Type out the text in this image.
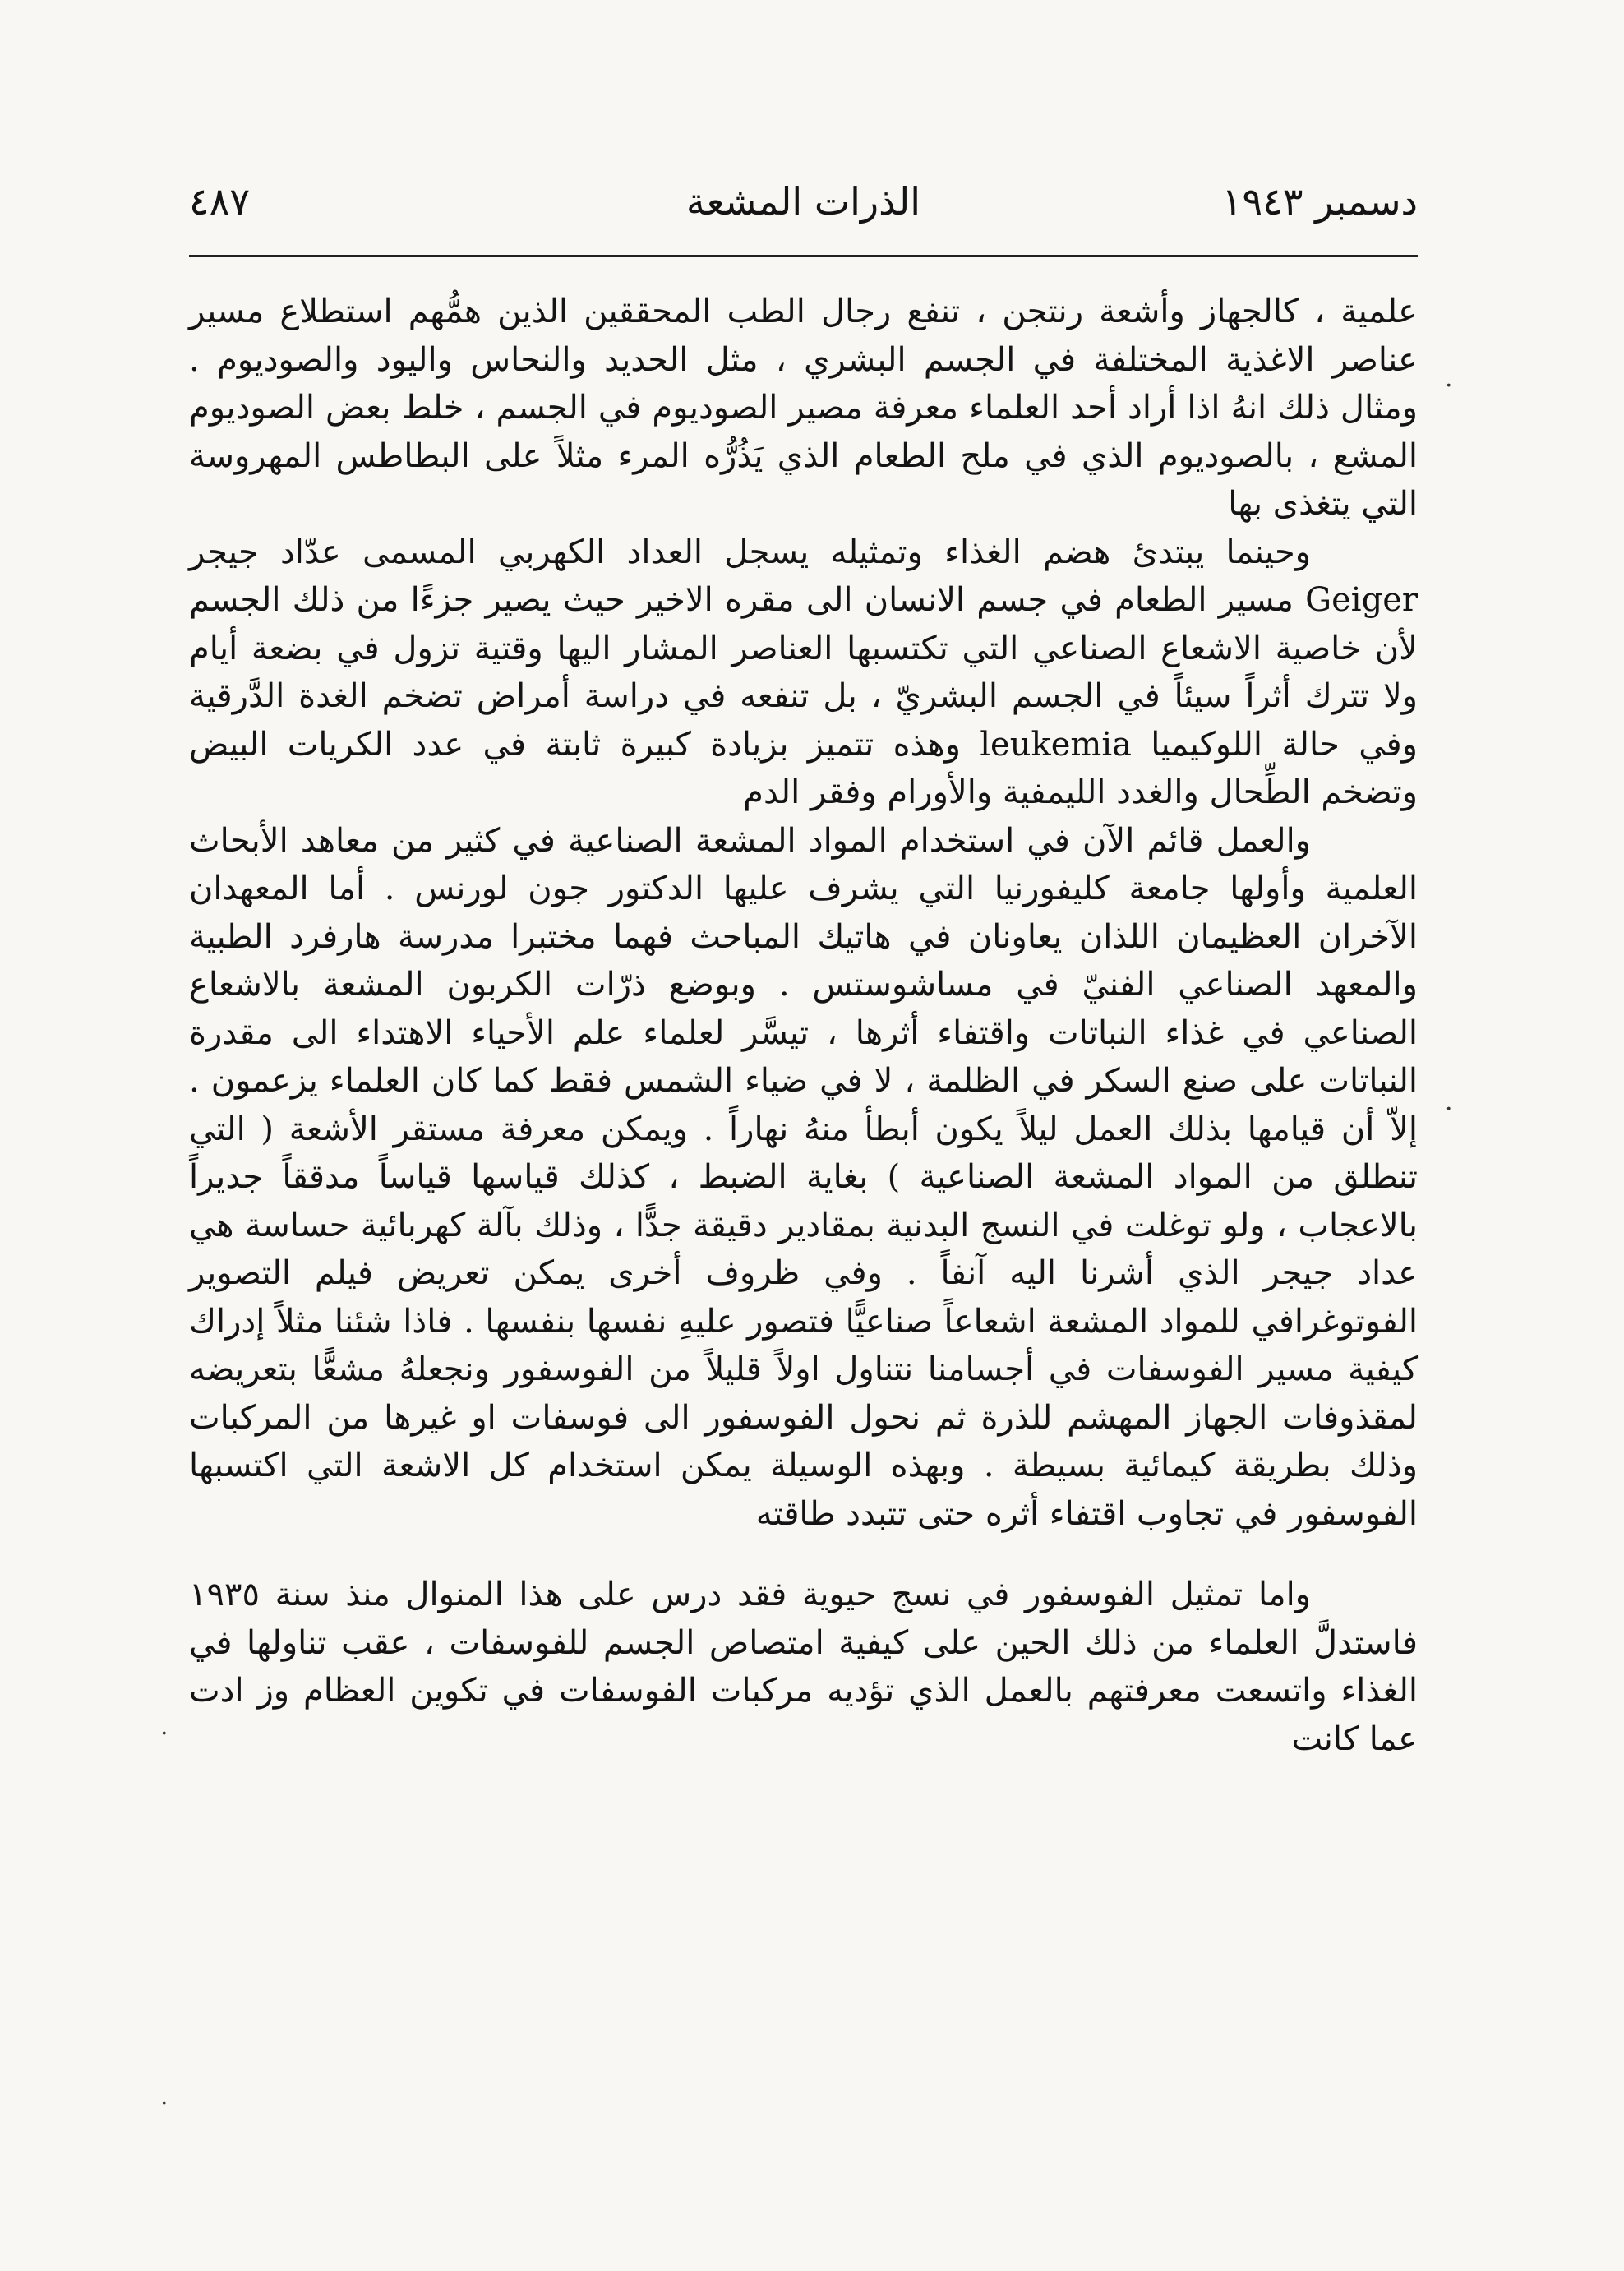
دسمبر ١٩٤٣
الذرات المشعة
٤٨٧

علمية ، كالجهاز وأشعة رنتجن ، تنفع رجال الطب المحققين الذين همُّهم استطلاع مسير عناصر الاغذية المختلفة في الجسم البشري ، مثل الحديد والنحاس واليود والصوديوم . ومثال ذلك انهُ اذا أراد أحد العلماء معرفة مصير الصوديوم في الجسم ، خلط بعض الصوديوم المشع ، بالصوديوم الذي في ملح الطعام الذي يَذُرُّه المرء مثلاً على البطاطس المهروسة التي يتغذى بها

وحينما يبتدئ هضم الغذاء وتمثيله يسجل العداد الكهربي المسمى عدّاد جيجر Geiger مسير الطعام في جسم الانسان الى مقره الاخير حيث يصير جزءًا من ذلك الجسم لأن خاصية الاشعاع الصناعي التي تكتسبها العناصر المشار اليها وقتية تزول في بضعة أيام ولا تترك أثراً سيئاً في الجسم البشريّ ، بل تنفعه في دراسة أمراض تضخم الغدة الدَّرقية وفي حالة اللوكيميا leukemia وهذه تتميز بزيادة كبيرة ثابتة في عدد الكريات البيض وتضخم الطِّحال والغدد الليمفية والأورام وفقر الدم

والعمل قائم الآن في استخدام المواد المشعة الصناعية في كثير من معاهد الأبحاث العلمية وأولها جامعة كليفورنيا التي يشرف عليها الدكتور جون لورنس . أما المعهدان الآخران العظيمان اللذان يعاونان في هاتيك المباحث فهما مختبرا مدرسة هارفرد الطبية والمعهد الصناعي الفنيّ في مساشوستس . وبوضع ذرّات الكربون المشعة بالاشعاع الصناعي في غذاء النباتات واقتفاء أثرها ، تيسَّر لعلماء علم الأحياء الاهتداء الى مقدرة النباتات على صنع السكر في الظلمة ، لا في ضياء الشمس فقط كما كان العلماء يزعمون . إلاّ أن قيامها بذلك العمل ليلاً يكون أبطأ منهُ نهاراً . ويمكن معرفة مستقر الأشعة ( التي تنطلق من المواد المشعة الصناعية ) بغاية الضبط ، كذلك قياسها قياساً مدققاً جديراً بالاعجاب ، ولو توغلت في النسج البدنية بمقادير دقيقة جدًّا ، وذلك بآلة كهربائية حساسة هي عداد جيجر الذي أشرنا اليه آنفاً . وفي ظروف أخرى يمكن تعريض فيلم التصوير الفوتوغرافي للمواد المشعة اشعاعاً صناعيًّا فتصور عليهِ نفسها بنفسها . فاذا شئنا مثلاً إدراك كيفية مسير الفوسفات في أجسامنا نتناول اولاً قليلاً من الفوسفور ونجعلهُ مشعًّا بتعريضه لمقذوفات الجهاز المهشم للذرة ثم نحول الفوسفور الى فوسفات او غيرها من المركبات وذلك بطريقة كيمائية بسيطة . وبهذه الوسيلة يمكن استخدام كل الاشعة التي اكتسبها الفوسفور في تجاوب اقتفاء أثره حتى تتبدد طاقته

واما تمثيل الفوسفور في نسج حيوية فقد درس على هذا المنوال منذ سنة ١٩٣٥ فاستدلَّ العلماء من ذلك الحين على كيفية امتصاص الجسم للفوسفات ، عقب تناولها في الغذاء واتسعت معرفتهم بالعمل الذي تؤديه مركبات الفوسفات في تكوين العظام وز ادت عما كانت

·
·
·
·
